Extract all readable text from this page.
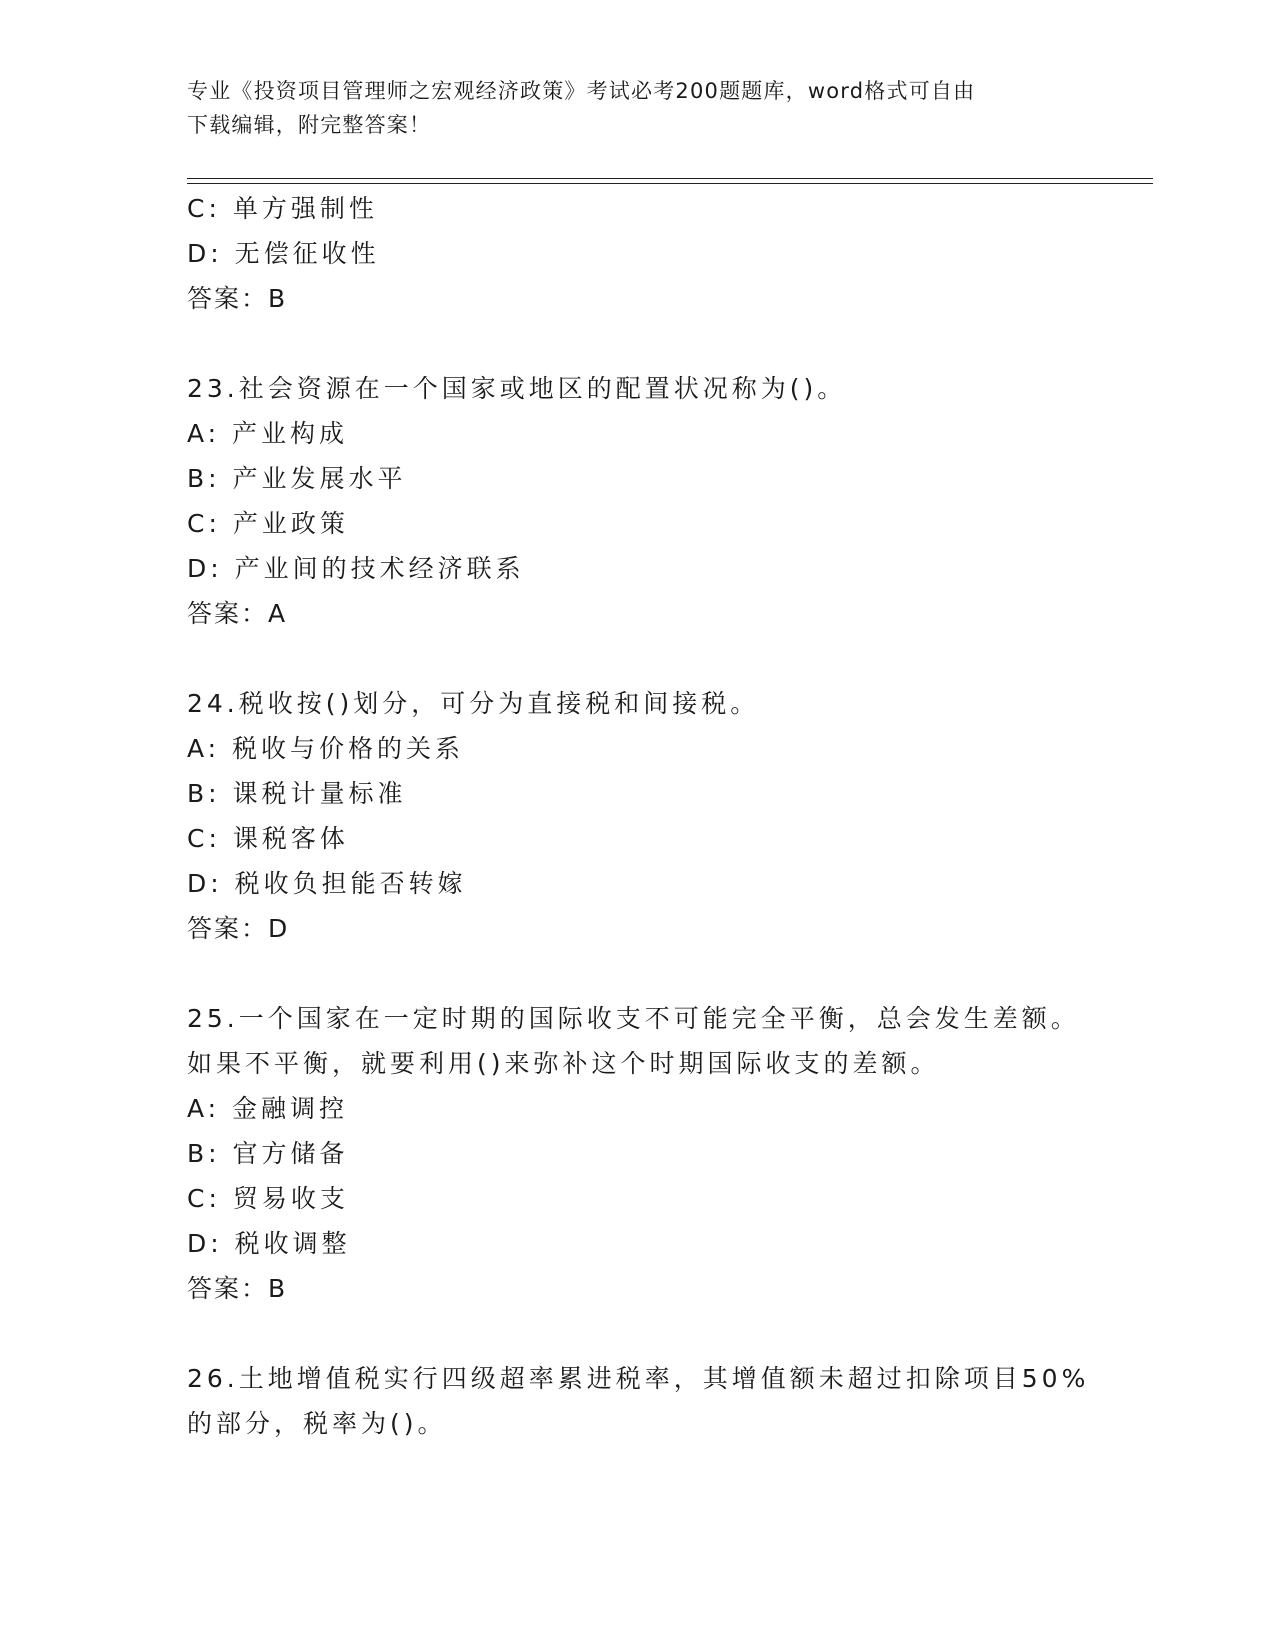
专业《投资项目管理师之宏观经济政策》考试必考200题题库，word格式可自由
下载编辑，附完整答案！
C: 单方强制性
D: 无偿征收性
答案：B
23.社会资源在一个国家或地区的配置状况称为()。
A: 产业构成
B: 产业发展水平
C: 产业政策
D: 产业间的技术经济联系
答案：A
24.税收按()划分，可分为直接税和间接税。
A: 税收与价格的关系
B: 课税计量标准
C: 课税客体
D: 税收负担能否转嫁
答案：D
25.一个国家在一定时期的国际收支不可能完全平衡，总会发生差额。
如果不平衡，就要利用()来弥补这个时期国际收支的差额。
A: 金融调控
B: 官方储备
C: 贸易收支
D: 税收调整
答案：B
26.土地增值税实行四级超率累进税率，其增值额未超过扣除项目50%
的部分，税率为()。
